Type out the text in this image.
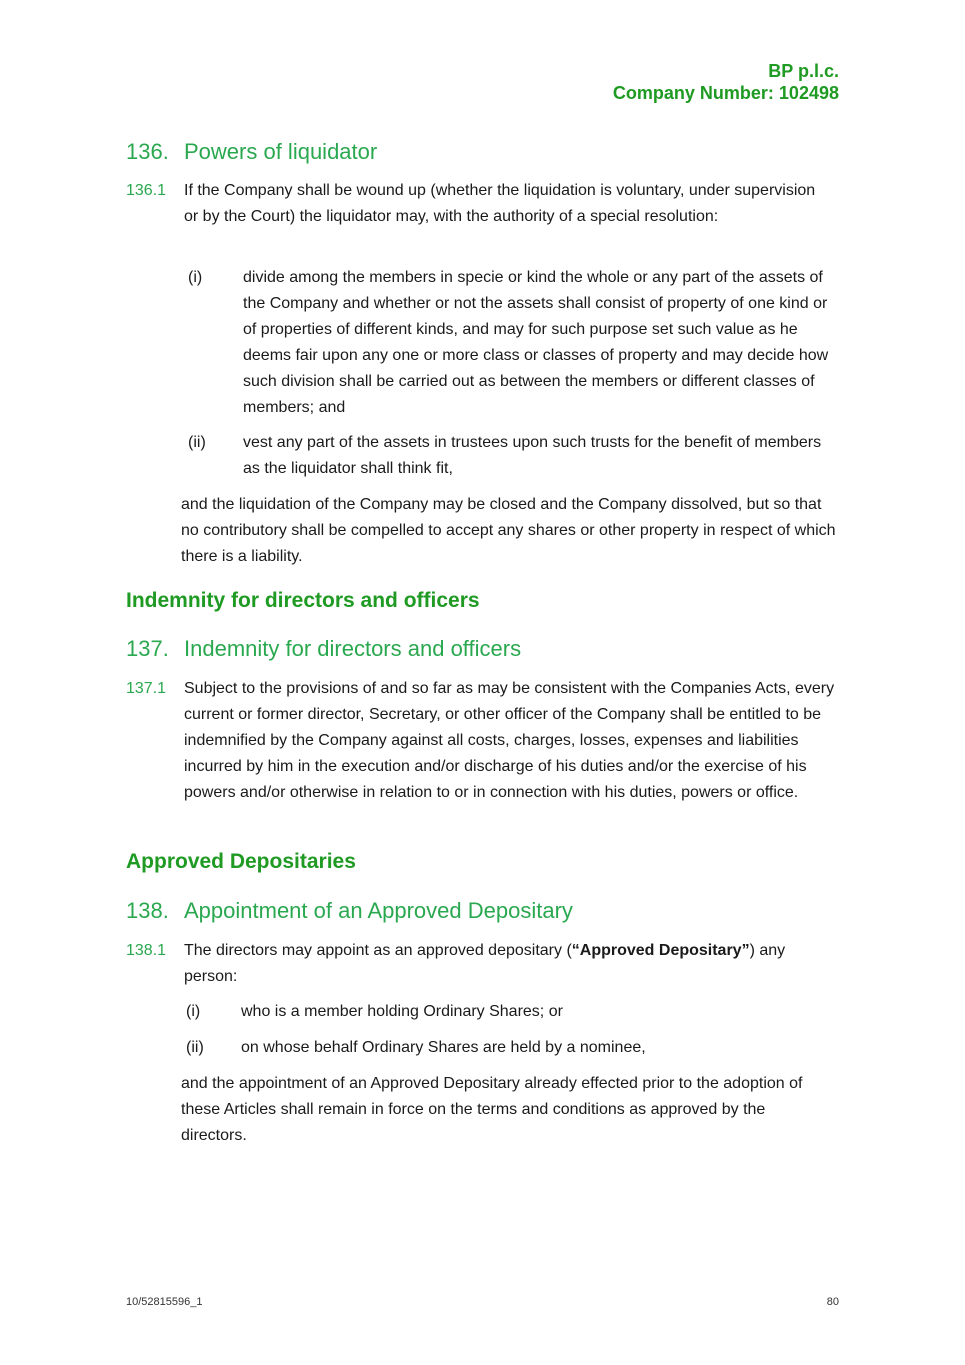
BP p.l.c.
Company Number: 102498
136. Powers of liquidator
136.1 If the Company shall be wound up (whether the liquidation is voluntary, under supervision or by the Court) the liquidator may, with the authority of a special resolution:
(i)	divide among the members in specie or kind the whole or any part of the assets of the Company and whether or not the assets shall consist of property of one kind or of properties of different kinds, and may for such purpose set such value as he deems fair upon any one or more class or classes of property and may decide how such division shall be carried out as between the members or different classes of members; and
(ii) vest any part of the assets in trustees upon such trusts for the benefit of members as the liquidator shall think fit,
and the liquidation of the Company may be closed and the Company dissolved, but so that no contributory shall be compelled to accept any shares or other property in respect of which there is a liability.
Indemnity for directors and officers
137. Indemnity for directors and officers
137.1 Subject to the provisions of and so far as may be consistent with the Companies Acts, every current or former director, Secretary, or other officer of the Company shall be entitled to be indemnified by the Company against all costs, charges, losses, expenses and liabilities incurred by him in the execution and/or discharge of his duties and/or the exercise of his powers and/or otherwise in relation to or in connection with his duties, powers or office.
Approved Depositaries
138. Appointment of an Approved Depositary
138.1 The directors may appoint as an approved depositary (“Approved Depositary”) any person:
(i)	who is a member holding Ordinary Shares; or
(ii) on whose behalf Ordinary Shares are held by a nominee,
and the appointment of an Approved Depositary already effected prior to the adoption of these Articles shall remain in force on the terms and conditions as approved by the directors.
10/52815596_1	80
